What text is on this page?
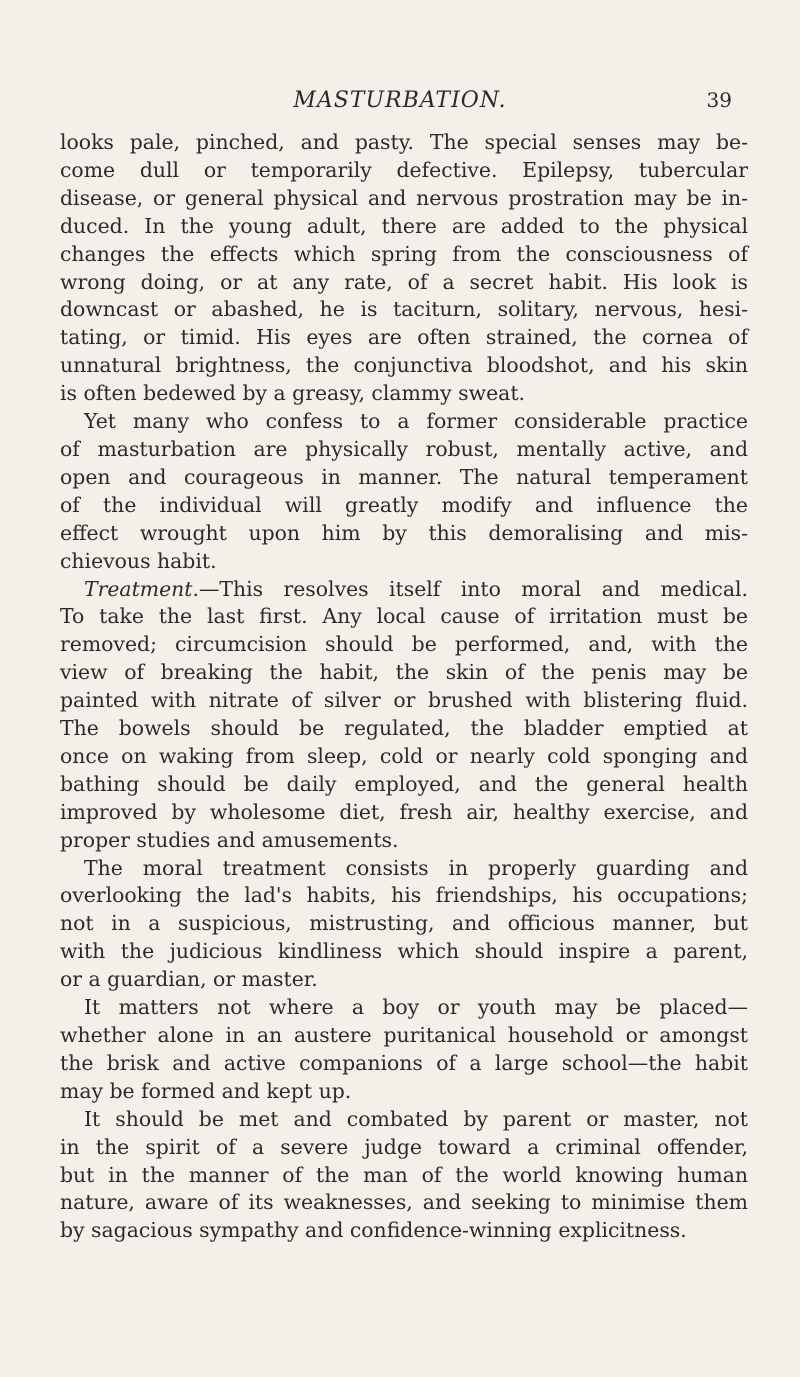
MASTURBATION.	39
looks pale, pinched, and pasty. The special senses may be-
come dull or temporarily defective. Epilepsy, tubercular
disease, or general physical and nervous prostration may be in-
duced. In the young adult, there are added to the physical
changes the effects which spring from the consciousness of
wrong doing, or at any rate, of a secret habit. His look is
downcast or abashed, he is taciturn, solitary, nervous, hesi-
tating, or timid. His eyes are often strained, the cornea of
unnatural brightness, the conjunctiva bloodshot, and his skin
is often bedewed by a greasy, clammy sweat.
Yet many who confess to a former considerable practice
of masturbation are physically robust, mentally active, and
open and courageous in manner. The natural temperament
of the individual will greatly modify and influence the
effect wrought upon him by this demoralising and mis-
chievous habit.
Treatment.—This resolves itself into moral and medical.
To take the last first. Any local cause of irritation must be
removed; circumcision should be performed, and, with the
view of breaking the habit, the skin of the penis may be
painted with nitrate of silver or brushed with blistering fluid.
The bowels should be regulated, the bladder emptied at
once on waking from sleep, cold or nearly cold sponging and
bathing should be daily employed, and the general health
improved by wholesome diet, fresh air, healthy exercise, and
proper studies and amusements.
The moral treatment consists in properly guarding and
overlooking the lad's habits, his friendships, his occupations;
not in a suspicious, mistrusting, and officious manner, but
with the judicious kindliness which should inspire a parent,
or a guardian, or master.
It matters not where a boy or youth may be placed—
whether alone in an austere puritanical household or amongst
the brisk and active companions of a large school—the habit
may be formed and kept up.
It should be met and combated by parent or master, not
in the spirit of a severe judge toward a criminal offender,
but in the manner of the man of the world knowing human
nature, aware of its weaknesses, and seeking to minimise them
by sagacious sympathy and confidence-winning explicitness.
